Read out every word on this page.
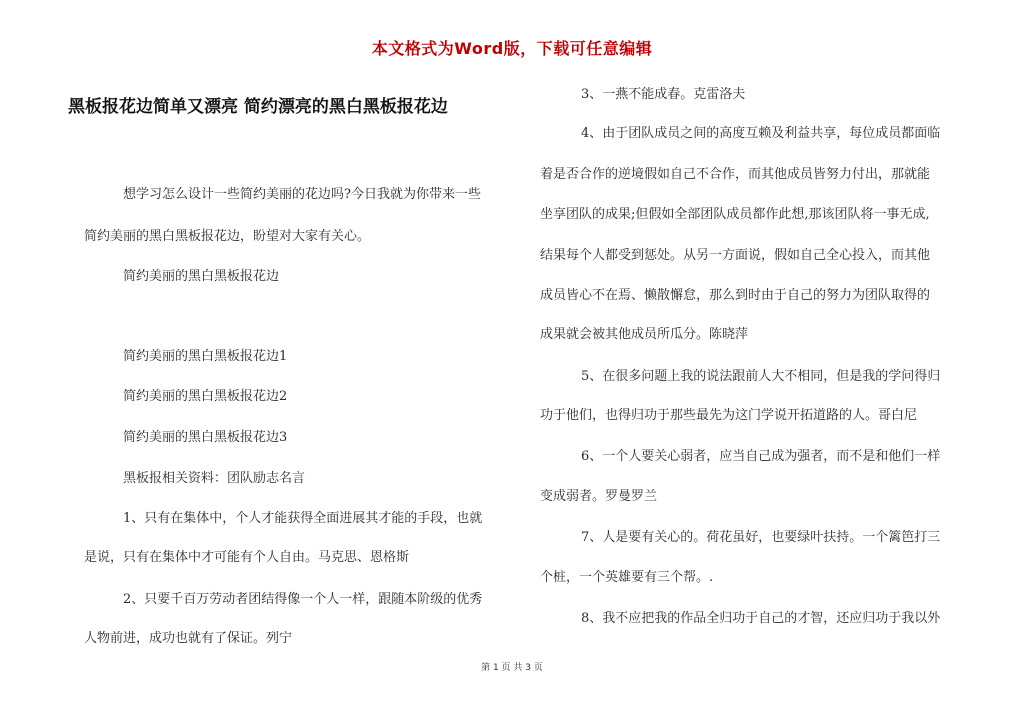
本文格式为Word版，下载可任意编辑
黑板报花边简单又漂亮 简约漂亮的黑白黑板报花边
想学习怎么设计一些简约美丽的花边吗?今日我就为你带来一些
简约美丽的黑白黑板报花边，盼望对大家有关心。
简约美丽的黑白黑板报花边
简约美丽的黑白黑板报花边1
简约美丽的黑白黑板报花边2
简约美丽的黑白黑板报花边3
黑板报相关资料：团队励志名言
1、只有在集体中，个人才能获得全面进展其才能的手段，也就
是说，只有在集体中才可能有个人自由。马克思、恩格斯
2、只要千百万劳动者团结得像一个人一样，跟随本阶级的优秀
人物前进，成功也就有了保证。列宁
3、一燕不能成春。克雷洛夫
4、由于团队成员之间的高度互赖及利益共享，每位成员都面临
着是否合作的逆境假如自己不合作，而其他成员皆努力付出，那就能
坐享团队的成果;但假如全部团队成员都作此想,那该团队将一事无成,
结果每个人都受到惩处。从另一方面说，假如自己全心投入，而其他
成员皆心不在焉、懒散懈怠，那么到时由于自己的努力为团队取得的
成果就会被其他成员所瓜分。陈晓萍
5、在很多问题上我的说法跟前人大不相同，但是我的学问得归
功于他们，也得归功于那些最先为这门学说开拓道路的人。哥白尼
6、一个人要关心弱者，应当自己成为强者，而不是和他们一样
变成弱者。罗曼罗兰
7、人是要有关心的。荷花虽好，也要绿叶扶持。一个篱笆打三
个桩，一个英雄要有三个帮。.
8、我不应把我的作品全归功于自己的才智，还应归功于我以外
第 1 页 共 3 页
